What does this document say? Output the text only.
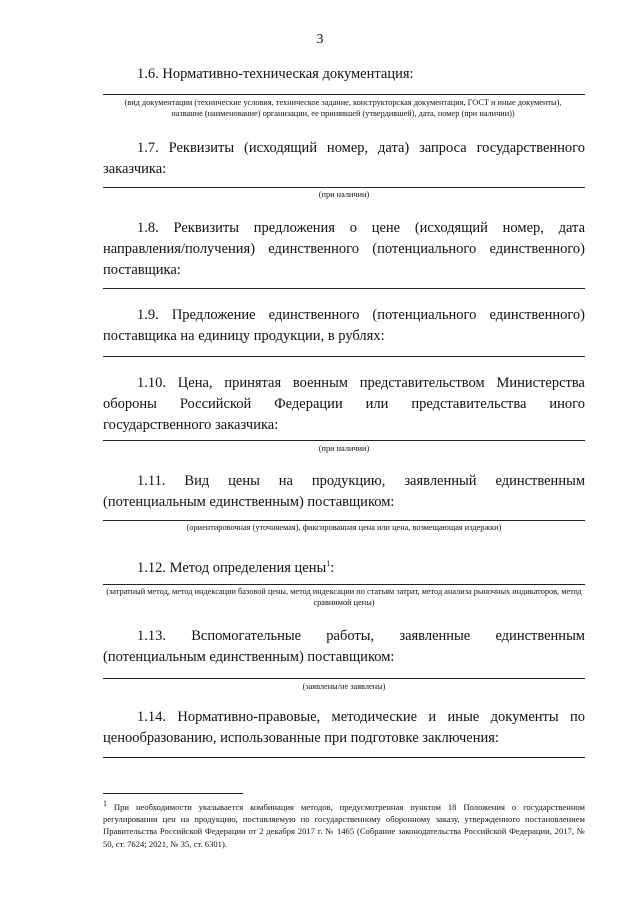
3

1.6. Нормативно-техническая документация:

(вид документации (технические условия, техническое задание, конструкторская документация, ГОСТ и иные документы), название (наименование) организации, ее принявшей (утвердившей), дата, номер (при наличии))

1.7. Реквизиты (исходящий номер, дата) запроса государственного заказчика:

(при наличии)

1.8. Реквизиты предложения о цене (исходящий номер, дата направления/получения) единственного (потенциального единственного) поставщика:

1.9. Предложение единственного (потенциального единственного) поставщика на единицу продукции, в рублях:

1.10. Цена, принятая военным представительством Министерства обороны Российской Федерации или представительства иного государственного заказчика:

(при наличии)

1.11. Вид цены на продукцию, заявленный единственным (потенциальным единственным) поставщиком:

(ориентировочная (уточняемая), фиксированная цена или цена, возмещающая издержки)

1.12. Метод определения цены$^1$:

(затратный метод, метод индексации базовой цены, метод индексации по статьям затрат, метод анализа рыночных индикаторов, метод сравнимой цены)

1.13. Вспомогательные работы, заявленные единственным (потенциальным единственным) поставщиком:

(заявлены/не заявлены)

1.14. Нормативно-правовые, методические и иные документы по ценообразованию, использованные при подготовке заключения:

$^1$ При необходимости указывается комбинация методов, предусмотренная пунктом 18 Положения о государственном регулировании цен на продукцию, поставляемую по государственному оборонному заказу, утвержденного постановлением Правительства Российской Федерации от 2 декабря 2017 г. № 1465 (Собрание законодательства Российской Федерации, 2017, № 50, ст. 7624; 2021, № 35, ст. 6301).
